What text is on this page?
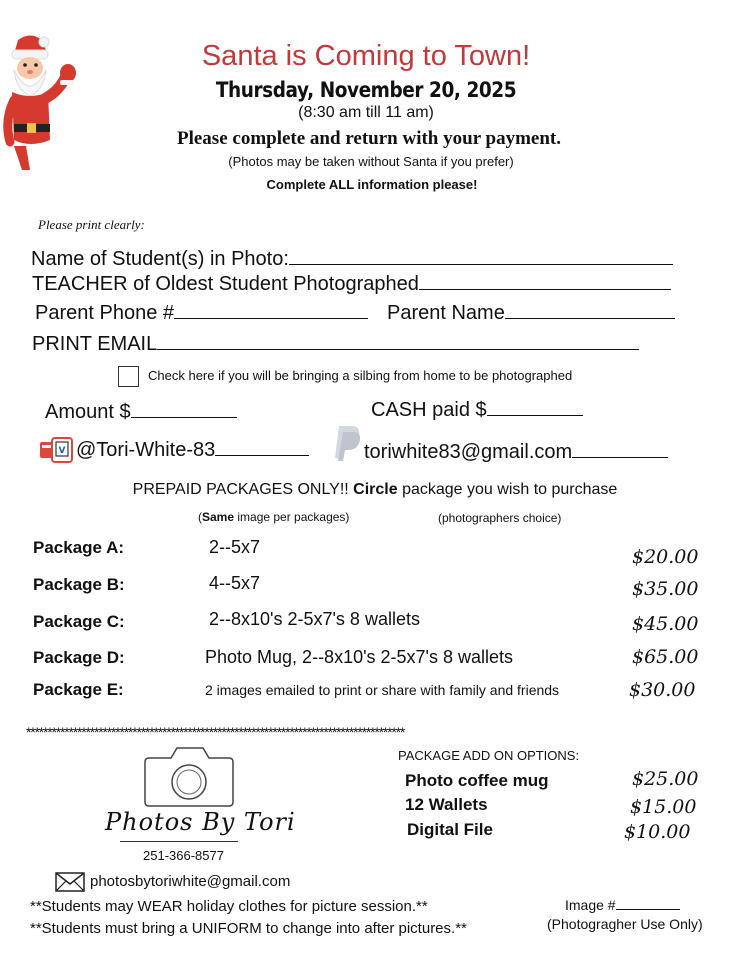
Santa is Coming to Town!
Thursday, November 20, 2025
(8:30 am till 11 am)
Please complete and return with your payment.
(Photos may be taken without Santa if you prefer)
Complete ALL information please!
Please print clearly:
Name of Student(s) in Photo:
TEACHER of Oldest Student Photographed
Parent Phone #	Parent Name
PRINT EMAIL
Check here if you will be bringing a silbing from home to be photographed
Amount $	CASH paid $
V @Tori-White-83	toriwhite83@gmail.com
PREPAID PACKAGES ONLY!! Circle package you wish to purchase
(Same image per packages)	(photographers choice)
Package A:	2--5x7	$20.00
Package B:	4--5x7	$35.00
Package C:	2--8x10's 2-5x7's 8 wallets	$45.00
Package D:	Photo Mug, 2--8x10's 2-5x7's 8 wallets	$65.00
Package E:	2 images emailed to print or share with family and friends	$30.00
*****************************************************************************************
Photos By Tori
251-366-8577
PACKAGE ADD ON OPTIONS:
Photo coffee mug	$25.00
12 Wallets	$15.00
Digital File	$10.00
photosbytoriwhite@gmail.com
**Students may WEAR holiday clothes for picture session.**
**Students must bring a UNIFORM to change into after pictures.**
Image #
(Photogragher Use Only)
